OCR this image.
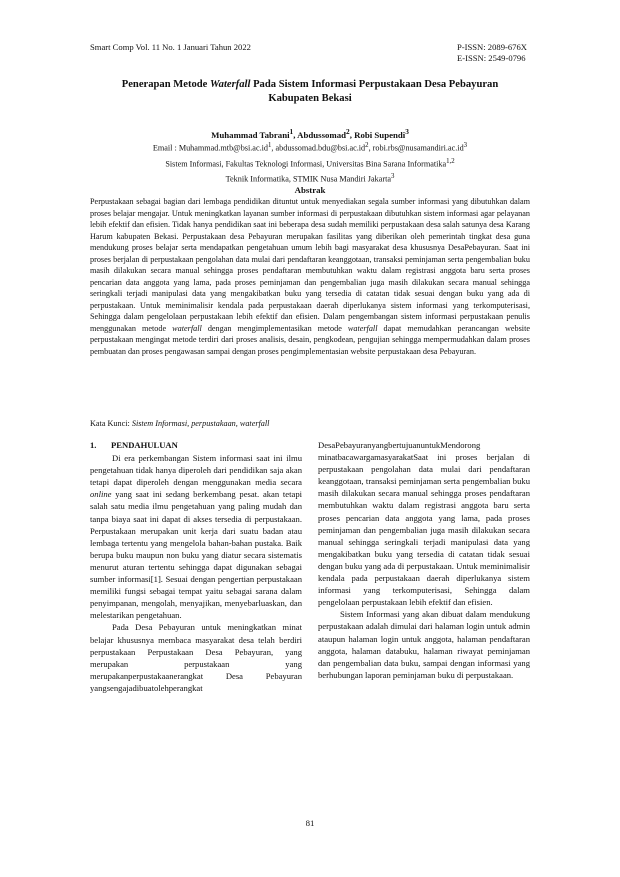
Smart Comp Vol. 11 No. 1 Januari Tahun 2022	P-ISSN: 2089-676X
E-ISSN: 2549-0796
Penerapan Metode Waterfall Pada Sistem Informasi Perpustakaan Desa Pebayuran
Kabupaten Bekasi
Muhammad Tabrani$^1$, Abdussomad$^2$, Robi Supendi$^3$
Email : $Muhammad.mtb@bsi.ac.id^1$, $abdussomad.bdu@bsi.ac.id^2$, $robi.rbs@nusamandiri.ac.id^3$
Sistem Informasi, Fakultas Teknologi Informasi, Universitas Bina Sarana Informatika$^{1,2}$
Teknik Informatika, STMIK Nusa Mandiri Jakarta$^3$
Abstrak
Perpustakaan sebagai bagian dari lembaga pendidikan dituntut untuk menyediakan segala sumber informasi yang dibutuhkan dalam proses belajar mengajar. Untuk meningkatkan layanan sumber informasi di perpustakaan dibutuhkan sistem informasi agar pelayanan lebih efektif dan efisien. Tidak hanya pendidikan saat ini beberapa desa sudah memiliki perpustakaan desa salah satunya desa Karang Harum kabupaten Bekasi. Perpustakaan desa Pebayuran merupakan fasilitas yang diberikan oleh pemerintah tingkat desa guna mendukung proses belajar serta mendapatkan pengetahuan umum lebih bagi masyarakat desa khususnya DesaPebayuran. Saat ini proses berjalan di perpustakaan pengolahan data mulai dari pendaftaran keanggotaan, transaksi peminjaman serta pengembalian buku masih dilakukan secara manual sehingga proses pendaftaran membutuhkan waktu dalam registrasi anggota baru serta proses pencarian data anggota yang lama, pada proses peminjaman dan pengembalian juga masih dilakukan secara manual sehingga seringkali terjadi manipulasi data yang mengakibatkan buku yang tersedia di catatan tidak sesuai dengan buku yang ada di perpustakaan. Untuk meminimalisir kendala pada perpustakaan daerah diperlukanya sistem informasi yang terkomputerisasi, Sehingga dalam pengelolaan perpustakaan lebih efektif dan efisien. Dalam pengembangan sistem informasi perpustakaan penulis menggunakan metode waterfall dengan mengimplementasikan metode waterfall dapat memudahkan perancangan website perpustakaan mengingat metode terdiri dari proses analisis, desain, pengkodean, pengujian sehingga mempermudahkan dalam proses pembuatan dan proses pengawasan sampai dengan proses pengimplementasian website perpustakaan desa Pebayuran.
Kata Kunci: Sistem Informasi, perpustakaan, waterfall
1. PENDAHULUAN

Di era perkembangan Sistem informasi saat ini ilmu pengetahuan tidak hanya diperoleh dari pendidikan saja akan tetapi dapat diperoleh dengan menggunakan media secara online yang saat ini sedang berkembang pesat. akan tetapi salah satu media ilmu pengetahuan yang paling mudah dan tanpa biaya saat ini dapat di akses tersedia di perpustakaan. Perpustakaan merupakan unit kerja dari suatu badan atau lembaga tertentu yang mengelola bahan-bahan pustaka. Baik berupa buku maupun non buku yang diatur secara sistematis menurut aturan tertentu sehingga dapat digunakan sebagai sumber informasi[1]. Sesuai dengan pengertian perpustakaan memiliki fungsi sebagai tempat yaitu sebagai sarana dalam penyimpanan, mengolah, menyajikan, menyebarluaskan, dan melestarikan pengetahuan.

Pada Desa Pebayuran untuk meningkatkan minat belajar khususnya membaca masyarakat desa telah berdiri perpustakaan Perpustakaan Desa Pebayuran, yang merupakan perpustakaan yang merupakanperpustakaanerangkat Desa Pebayuran yangsengajadibuatolehperangkat

DesaPebayuranyangbertujuanuntukMendorong minatbacawargamasyarakatSaat ini proses berjalan di perpustakaan pengolahan data mulai dari pendaftaran keanggotaan, transaksi peminjaman serta pengembalian buku masih dilakukan secara manual sehingga proses pendaftaran membutuhkan waktu dalam registrasi anggota baru serta proses pencarian data anggota yang lama, pada proses peminjaman dan pengembalian juga masih dilakukan secara manual sehingga seringkali terjadi manipulasi data yang mengakibatkan buku yang tersedia di catatan tidak sesuai dengan buku yang ada di perpustakaan. Untuk meminimalisir kendala pada perpustakaan daerah diperlukanya sistem informasi yang terkomputerisasi, Sehingga dalam pengelolaan perpustakaan lebih efektif dan efisien.

Sistem Informasi yang akan dibuat dalam mendukung perpustakaan adalah dimulai dari halaman login untuk admin ataupun halaman login untuk anggota, halaman pendaftaran anggota, halaman databuku, halaman riwayat peminjaman dan pengembalian data buku, sampai dengan informasi yang berhubungan laporan peminjaman buku di perpustakaan.

81
